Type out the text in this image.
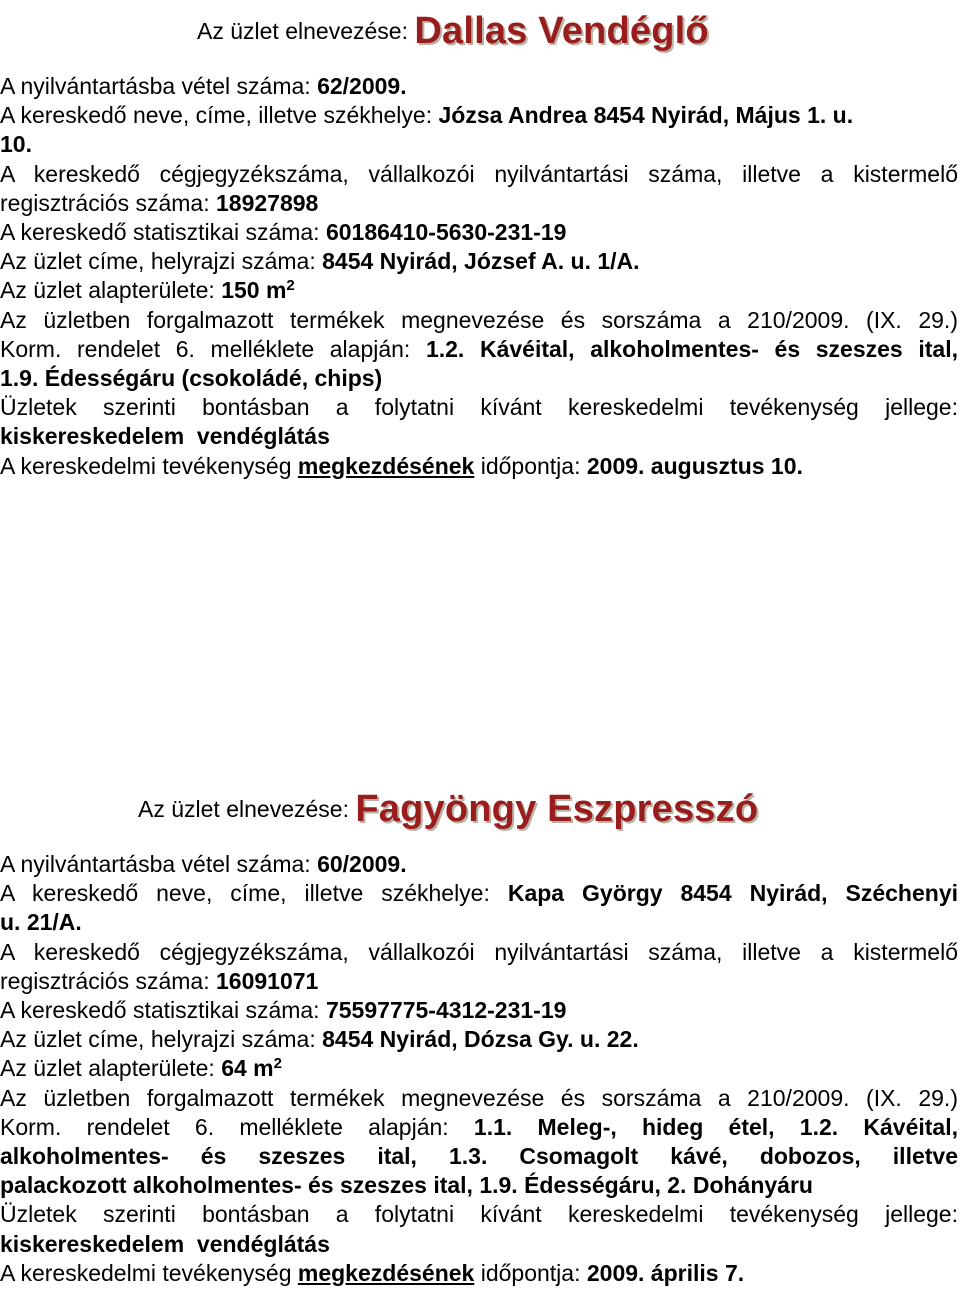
Az üzlet elnevezése: Dallas Vendéglő
A nyilvántartásba vétel száma: 62/2009.
A kereskedő neve, címe, illetve székhelye: Józsa Andrea 8454 Nyirád, Május 1. u.
10.
A kereskedő cégjegyzékszáma, vállalkozói nyilvántartási száma, illetve a kistermelő
regisztrációs száma: 18927898
A kereskedő statisztikai száma: 60186410-5630-231-19
Az üzlet címe, helyrajzi száma: 8454 Nyirád, József A. u. 1/A.
Az üzlet alapterülete: 150 $m^2$
Az üzletben forgalmazott termékek megnevezése és sorszáma a 210/2009. (IX. 29.)
Korm. rendelet 6. melléklete alapján: 1.2. Kávéital, alkoholmentes- és szeszes ital,
1.9. Édességáru (csokoládé, chips)
Üzletek szerinti bontásban a folytatni kívánt kereskedelmi tevékenység jellege:
kiskereskedelem  vendéglátás
A kereskedelmi tevékenység megkezdésének időpontja: 2009. augusztus 10.
Az üzlet elnevezése: Fagyöngy Eszpresszó
A nyilvántartásba vétel száma: 60/2009.
A kereskedő neve, címe, illetve székhelye: Kapa György 8454 Nyirád, Széchenyi
u. 21/A.
A kereskedő cégjegyzékszáma, vállalkozói nyilvántartási száma, illetve a kistermelő
regisztrációs száma: 16091071
A kereskedő statisztikai száma: 75597775-4312-231-19
Az üzlet címe, helyrajzi száma: 8454 Nyirád, Dózsa Gy. u. 22.
Az üzlet alapterülete: 64 $m^2$
Az üzletben forgalmazott termékek megnevezése és sorszáma a 210/2009. (IX. 29.)
Korm. rendelet 6. melléklete alapján: 1.1. Meleg-, hideg étel, 1.2. Kávéital,
alkoholmentes- és szeszes ital, 1.3. Csomagolt kávé, dobozos, illetve
palackozott alkoholmentes- és szeszes ital, 1.9. Édességáru, 2. Dohányáru
Üzletek szerinti bontásban a folytatni kívánt kereskedelmi tevékenység jellege:
kiskereskedelem  vendéglátás
A kereskedelmi tevékenység megkezdésének időpontja: 2009. április 7.
